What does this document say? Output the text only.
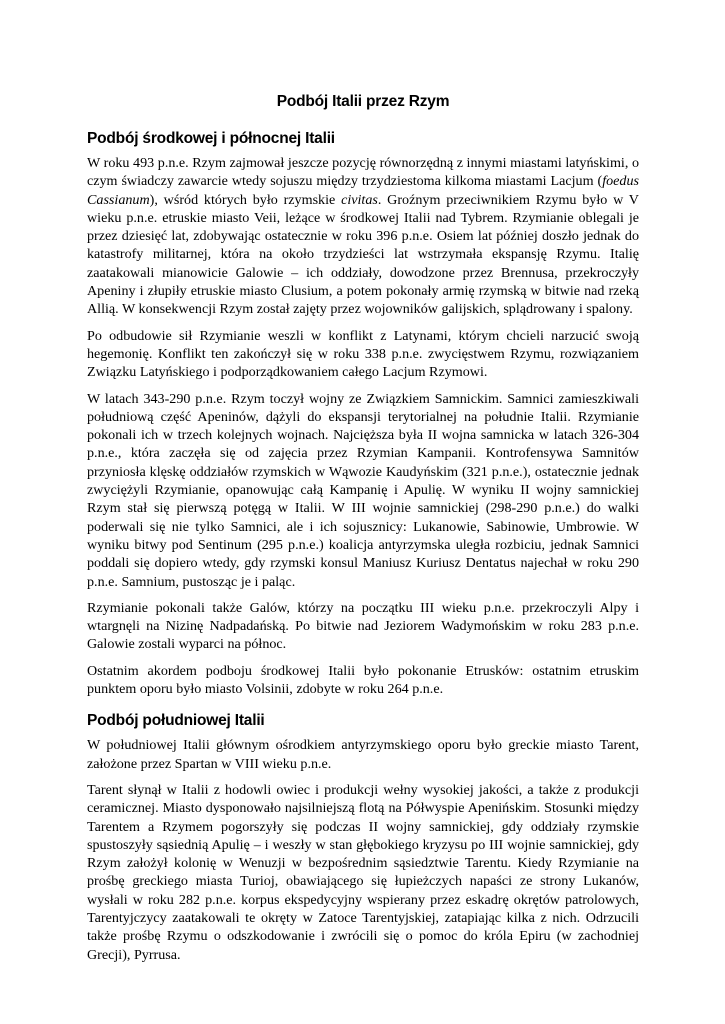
Podbój Italii przez Rzym
Podbój środkowej i północnej Italii

W roku 493 p.n.e. Rzym zajmował jeszcze pozycję równorzędną z innymi miastami latyńskimi, o czym świadczy zawarcie wtedy sojuszu między trzydziestoma kilkoma miastami Lacjum (foedus Cassianum), wśród których było rzymskie civitas. Groźnym przeciwnikiem Rzymu było w V wieku p.n.e. etruskie miasto Veii, leżące w środkowej Italii nad Tybrem. Rzymianie oblegali je przez dziesięć lat, zdobywając ostatecznie w roku 396 p.n.e. Osiem lat później doszło jednak do katastrofy militarnej, która na około trzydzieści lat wstrzymała ekspansję Rzymu. Italię zaatakowali mianowicie Galowie – ich oddziały, dowodzone przez Brennusa, przekroczyły Apeniny i złupiły etruskie miasto Clusium, a potem pokonały armię rzymską w bitwie nad rzeką Allią. W konsekwencji Rzym został zajęty przez wojowników galijskich, splądrowany i spalony.

Po odbudowie sił Rzymianie weszli w konflikt z Latynami, którym chcieli narzucić swoją hegemonię. Konflikt ten zakończył się w roku 338 p.n.e. zwycięstwem Rzymu, rozwiązaniem Związku Latyńskiego i podporządkowaniem całego Lacjum Rzymowi.

W latach 343-290 p.n.e. Rzym toczył wojny ze Związkiem Samnickim. Samnici zamieszkiwali południową część Apeninów, dążyli do ekspansji terytorialnej na południe Italii. Rzymianie pokonali ich w trzech kolejnych wojnach. Najcięższa była II wojna samnicka w latach 326-304 p.n.e., która zaczęła się od zajęcia przez Rzymian Kampanii. Kontrofensywa Samnitów przyniosła klęskę oddziałów rzymskich w Wąwozie Kaudyńskim (321 p.n.e.), ostatecznie jednak zwyciężyli Rzymianie, opanowując całą Kampanię i Apulię. W wyniku II wojny samnickiej Rzym stał się pierwszą potęgą w Italii. W III wojnie samnickiej (298-290 p.n.e.) do walki poderwali się nie tylko Samnici, ale i ich sojusznicy: Lukanowie, Sabinowie, Umbrowie. W wyniku bitwy pod Sentinum (295 p.n.e.) koalicja antyrzymska uległa rozbiciu, jednak Samnici poddali się dopiero wtedy, gdy rzymski konsul Maniusz Kuriusz Dentatus najechał w roku 290 p.n.e. Samnium, pustosząc je i paląc.

Rzymianie pokonali także Galów, którzy na początku III wieku p.n.e. przekroczyli Alpy i wtargnęli na Nizinę Nadpadańską. Po bitwie nad Jeziorem Wadymońskim w roku 283 p.n.e. Galowie zostali wyparci na północ.

Ostatnim akordem podboju środkowej Italii było pokonanie Etrusków: ostatnim etruskim punktem oporu było miasto Volsinii, zdobyte w roku 264 p.n.e.

Podbój południowej Italii

W południowej Italii głównym ośrodkiem antyrzymskiego oporu było greckie miasto Tarent, założone przez Spartan w VIII wieku p.n.e.

Tarent słynął w Italii z hodowli owiec i produkcji wełny wysokiej jakości, a także z produkcji ceramicznej. Miasto dysponowało najsilniejszą flotą na Półwyspie Apenińskim. Stosunki między Tarentem a Rzymem pogorszyły się podczas II wojny samnickiej, gdy oddziały rzymskie spustoszyły sąsiednią Apulię – i weszły w stan głębokiego kryzysu po III wojnie samnickiej, gdy Rzym założył kolonię w Wenuzji w bezpośrednim sąsiedztwie Tarentu. Kiedy Rzymianie na prośbę greckiego miasta Turioj, obawiającego się łupieżczych napaści ze strony Lukanów, wysłali w roku 282 p.n.e. korpus ekspedycyjny wspierany przez eskadrę okrętów patrolowych, Tarentyjczycy zaatakowali te okręty w Zatoce Tarentyjskiej, zatapiając kilka z nich. Odrzucili także prośbę Rzymu o odszkodowanie i zwrócili się o pomoc do króla Epiru (w zachodniej Grecji), Pyrrusa.
